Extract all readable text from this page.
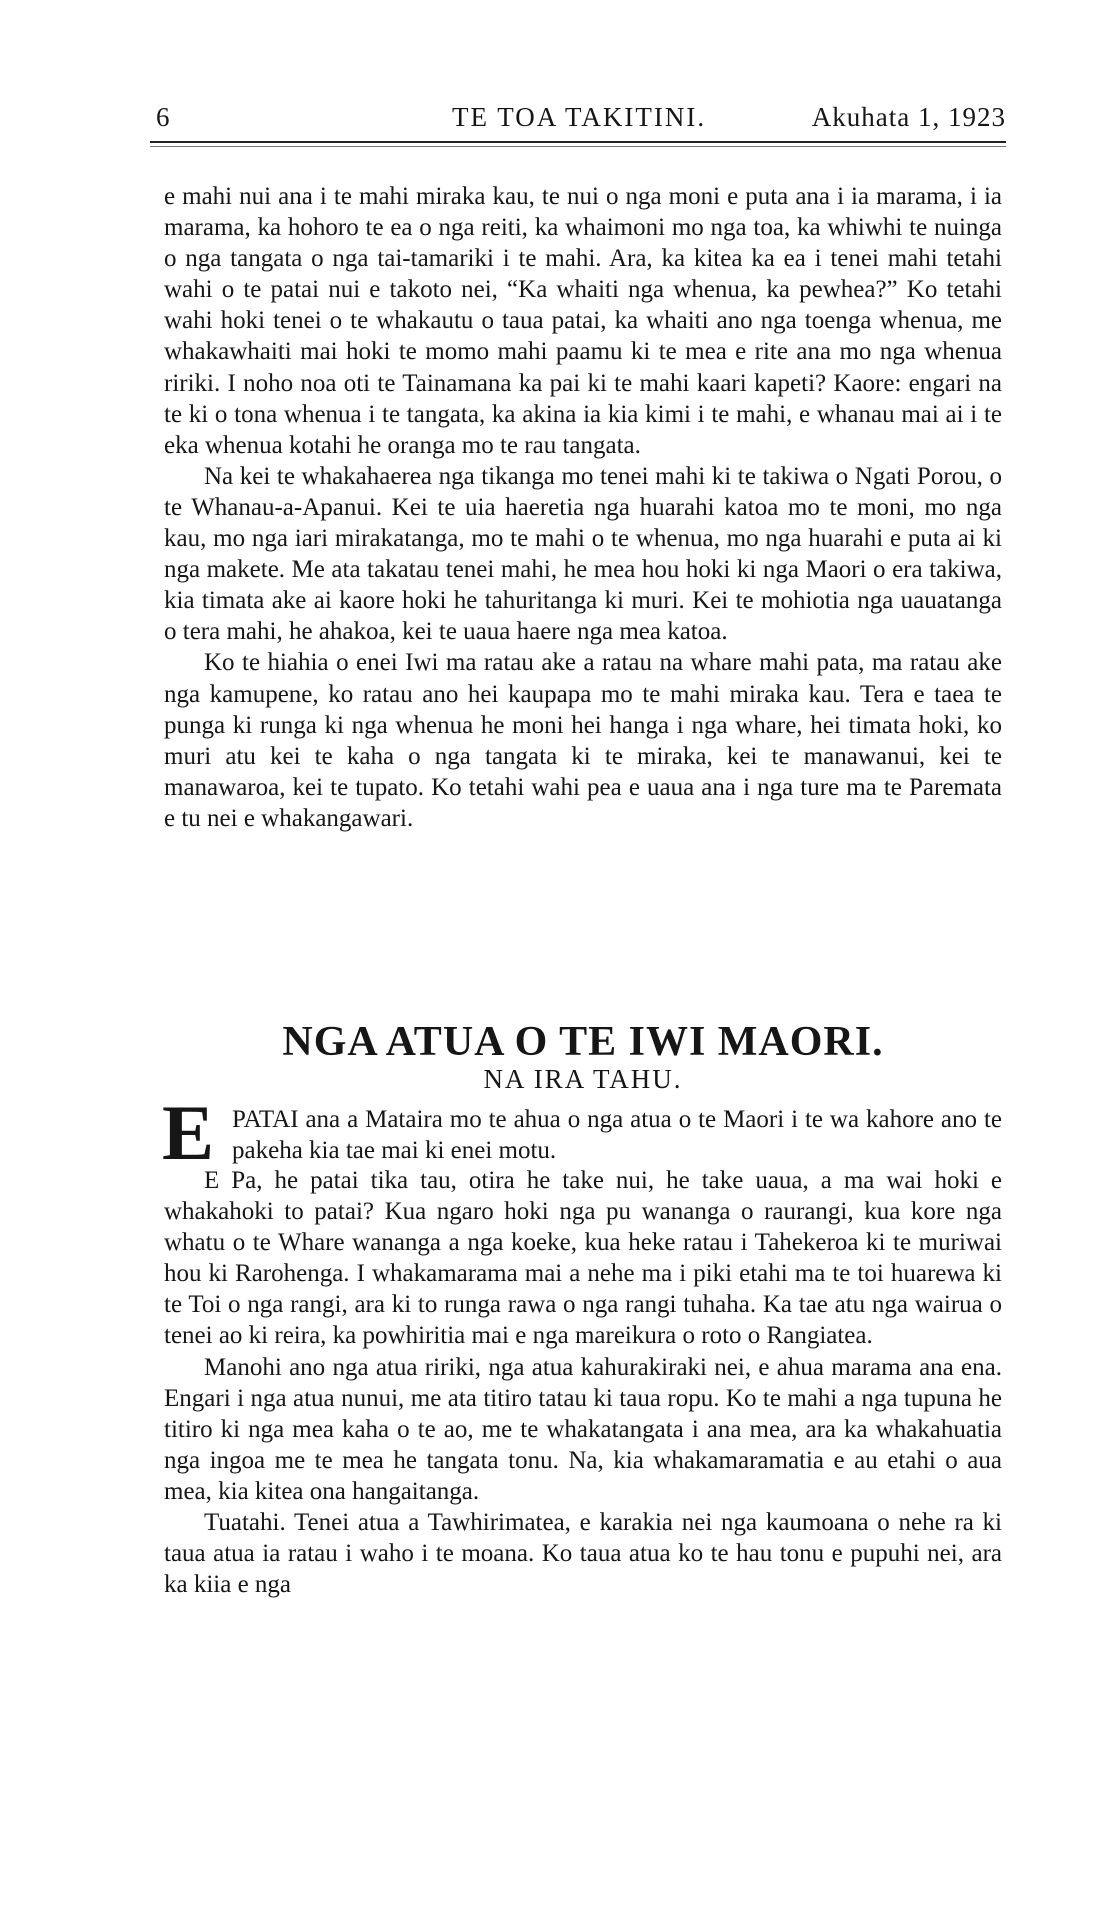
6	TE TOA TAKITINI.	Akuhata 1, 1923

e mahi nui ana i te mahi miraka kau, te nui o nga moni e puta ana i ia marama, i ia marama, ka hohoro te ea o nga reiti, ka whaimoni mo nga toa, ka whiwhi te nuinga o nga tangata o nga tai-tamariki i te mahi. Ara, ka kitea ka ea i tenei mahi tetahi wahi o te patai nui e takoto nei, “Ka whaiti nga whenua, ka pewhea?” Ko tetahi wahi hoki tenei o te whakautu o taua patai, ka whaiti ano nga toenga whenua, me whakawhaiti mai hoki te momo mahi paamu ki te mea e rite ana mo nga whenua ririki. I noho noa oti te Tainamana ka pai ki te mahi kaari kapeti? Kaore: engari na te ki o tona whenua i te tangata, ka akina ia kia kimi i te mahi, e whanau mai ai i te eka whenua kotahi he oranga mo te rau tangata.

Na kei te whakahaerea nga tikanga mo tenei mahi ki te takiwa o Ngati Porou, o te Whanau-a-Apanui. Kei te uia haeretia nga huarahi katoa mo te moni, mo nga kau, mo nga iari mirakatanga, mo te mahi o te whenua, mo nga huarahi e puta ai ki nga makete. Me ata takatau tenei mahi, he mea hou hoki ki nga Maori o era takiwa, kia timata ake ai kaore hoki he tahuritanga ki muri. Kei te mohiotia nga uauatanga o tera mahi, he ahakoa, kei te uaua haere nga mea katoa.

Ko te hiahia o enei Iwi ma ratau ake a ratau na whare mahi pata, ma ratau ake nga kamupene, ko ratau ano hei kaupapa mo te mahi miraka kau. Tera e taea te punga ki runga ki nga whenua he moni hei hanga i nga whare, hei timata hoki, ko muri atu kei te kaha o nga tangata ki te miraka, kei te manawanui, kei te manawaroa, kei te tupato. Ko tetahi wahi pea e uaua ana i nga ture ma te Paremata e tu nei e whakangawari.

NGA ATUA O TE IWI MAORI.
NA IRA TAHU.
E PATAI ana a Mataira mo te ahua o nga atua o te Maori i te wa kahore ano te pakeha kia tae mai ki enei motu.

E Pa, he patai tika tau, otira he take nui, he take uaua, a ma wai hoki e whakahoki to patai? Kua ngaro hoki nga pu wananga o raurangi, kua kore nga whatu o te Whare wananga a nga koeke, kua heke ratau i Tahekeroa ki te muriwai hou ki Rarohenga. I whakamarama mai a nehe ma i piki etahi ma te toi huarewa ki te Toi o nga rangi, ara ki to runga rawa o nga rangi tuhaha. Ka tae atu nga wairua o tenei ao ki reira, ka powhiritia mai e nga mareikura o roto o Rangiatea.

Manohi ano nga atua ririki, nga atua kahurakiraki nei, e ahua marama ana ena. Engari i nga atua nunui, me ata titiro tatau ki taua ropu. Ko te mahi a nga tupuna he titiro ki nga mea kaha o te ao, me te whakatangata i ana mea, ara ka whakahuatia nga ingoa me te mea he tangata tonu. Na, kia whakamaramatia e au etahi o aua mea, kia kitea ona hangaitanga.

Tuatahi. Tenei atua a Tawhirimatea, e karakia nei nga kaumoana o nehe ra ki taua atua ia ratau i waho i te moana. Ko taua atua ko te hau tonu e pupuhi nei, ara ka kiia e nga
